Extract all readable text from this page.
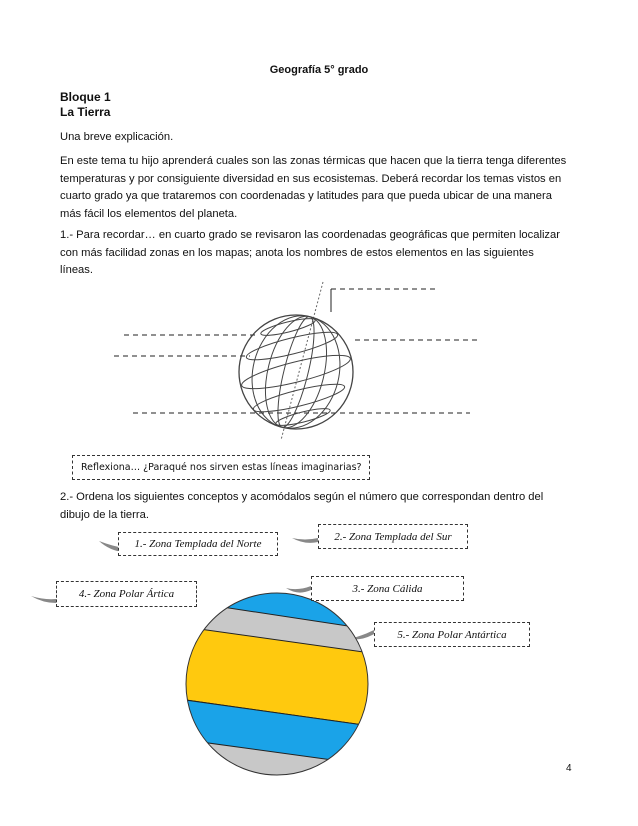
Geografía 5° grado
Bloque 1
La Tierra
Una breve explicación.
En este tema tu hijo aprenderá cuales son las zonas térmicas que hacen que la tierra tenga diferentes
temperaturas y por consiguiente diversidad en sus ecosistemas. Deberá recordar los temas vistos en
cuarto grado ya que trataremos con coordenadas y latitudes para que pueda ubicar de una manera
más fácil los elementos del planeta.
1.- Para recordar… en cuarto grado se revisaron las coordenadas geográficas que permiten localizar
con más facilidad zonas en los mapas; anota los nombres de estos elementos en las siguientes
líneas.
Reflexiona… ¿Paraqué nos sirven estas líneas imaginarias?
2.- Ordena los siguientes conceptos y acomódalos según el número que correspondan dentro del
dibujo de la tierra.
1.- Zona Templada del Norte
2.- Zona Templada del Sur
4.- Zona Polar Ártica	3.- Zona Cálida
5.- Zona Polar Antártica
4
